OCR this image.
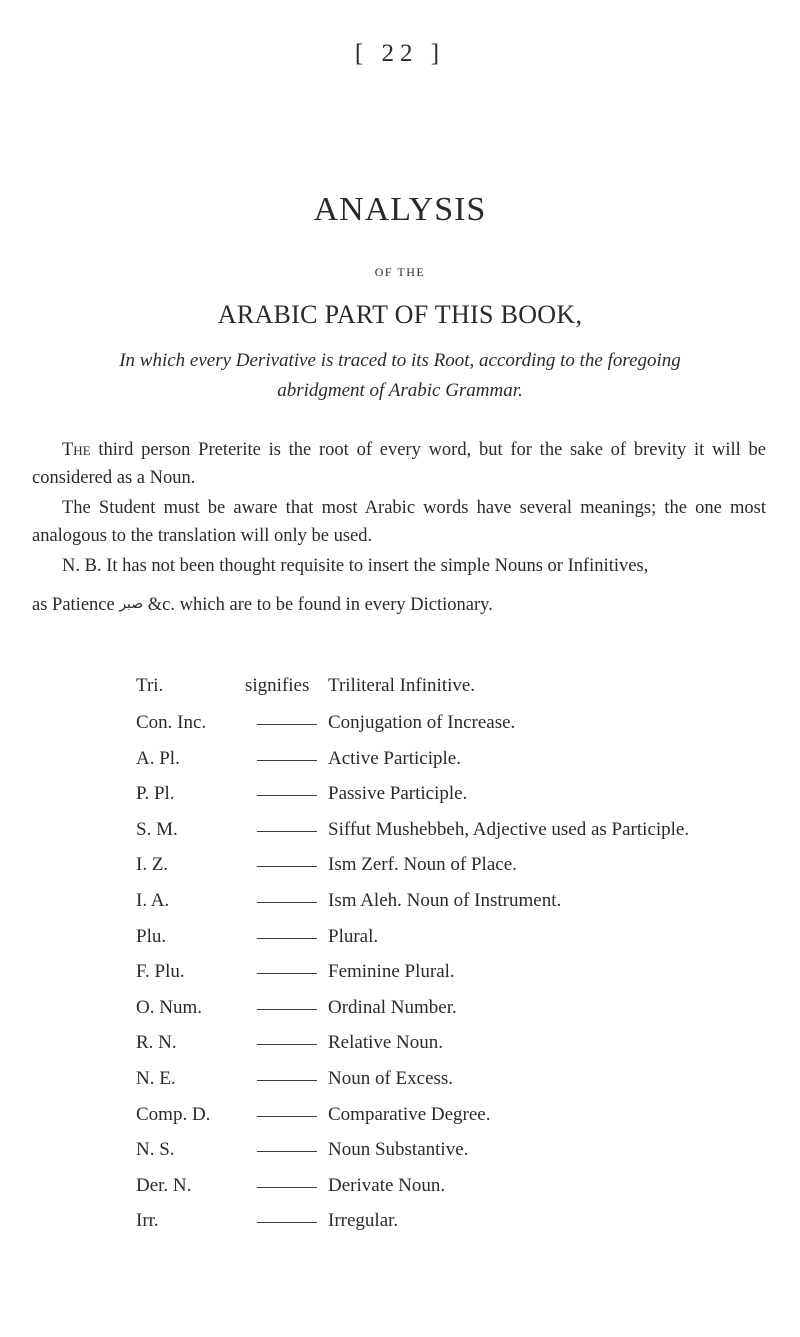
[ 22 ]
ANALYSIS
OF THE
ARABIC PART OF THIS BOOK,
In which every Derivative is traced to its Root, according to the foregoing
abridgment of Arabic Grammar.

The third person Preterite is the root of every word, but for the sake of brevity it will be considered as a Noun.

The Student must be aware that most Arabic words have several meanings; the one most analogous to the translation will only be used.

N. B. It has not been thought requisite to insert the simple Nouns or Infinitives,
as Patience صبر &c. which are to be found in every Dictionary.

Tri.	signifies Triliteral Infinitive.
Con. Inc.	Conjugation of Increase.
A. Pl.	Active Participle.
P. Pl.	Passive Participle.
S. M.	Siffut Mushebbeh, Adjective used as Participle.
I. Z.	Ism Zerf. Noun of Place.
I. A.	Ism Aleh. Noun of Instrument.
Plu.	Plural.
F. Plu.	Feminine Plural.
O. Num.	Ordinal Number.
R. N.	Relative Noun.
N. E.	Noun of Excess.
Comp. D.	Comparative Degree.
N. S.	Noun Substantive.
Der. N.	Derivate Noun.
Irr.	Irregular.
